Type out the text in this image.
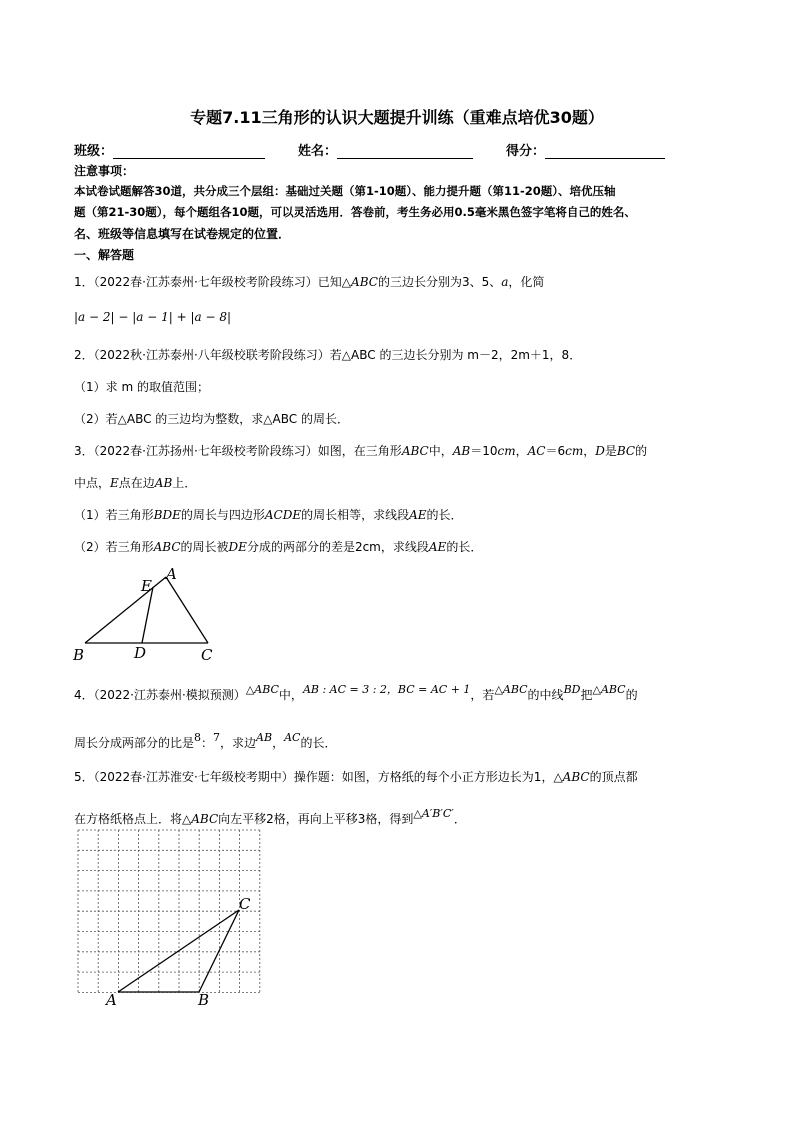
专题7.11三角形的认识大题提升训练（重难点培优30题）
班级：	姓名：	得分：
注意事项：
本试卷试题解答30道，共分成三个层组：基础过关题（第1-10题）、能力提升题（第11-20题）、培优压轴
题（第21-30题），每个题组各10题，可以灵活选用．答卷前，考生务必用0.5毫米黑色签字笔将自己的姓名、
名、班级等信息填写在试卷规定的位置．
一、解答题
1．（2022春·江苏泰州·七年级校考阶段练习）已知△ABC的三边长分别为3、5、a，化简
|a − 2| − |a − 1| + |a − 8|
2．（2022秋·江苏泰州·八年级校联考阶段练习）若△ABC 的三边长分别为 m－2，2m＋1，8．
（1）求 m 的取值范围；
（2）若△ABC 的三边均为整数，求△ABC 的周长．
3．（2022春·江苏扬州·七年级校考阶段练习）如图，在三角形ABC中，AB＝10cm，AC＝6cm，D是BC的
中点，E点在边AB上．
（1）若三角形BDE的周长与四边形ACDE的周长相等，求线段AE的长．
（2）若三角形ABC的周长被DE分成的两部分的差是2cm，求线段AE的长．
A
E
B	D	C
4．（2022·江苏泰州·模拟预测）△ABC中，AB : AC = 3 : 2，BC = AC + 1，若△ABC的中线BD把△ABC的
周长分成两部分的比是8：7，求边AB，AC的长．
5．（2022春·江苏淮安·七年级校考期中）操作题：如图，方格纸的每个小正方形边长为1，△ABC的顶点都
在方格纸格点上．将△ABC向左平移2格，再向上平移3格，得到△A′B′C′．
A	B
C
